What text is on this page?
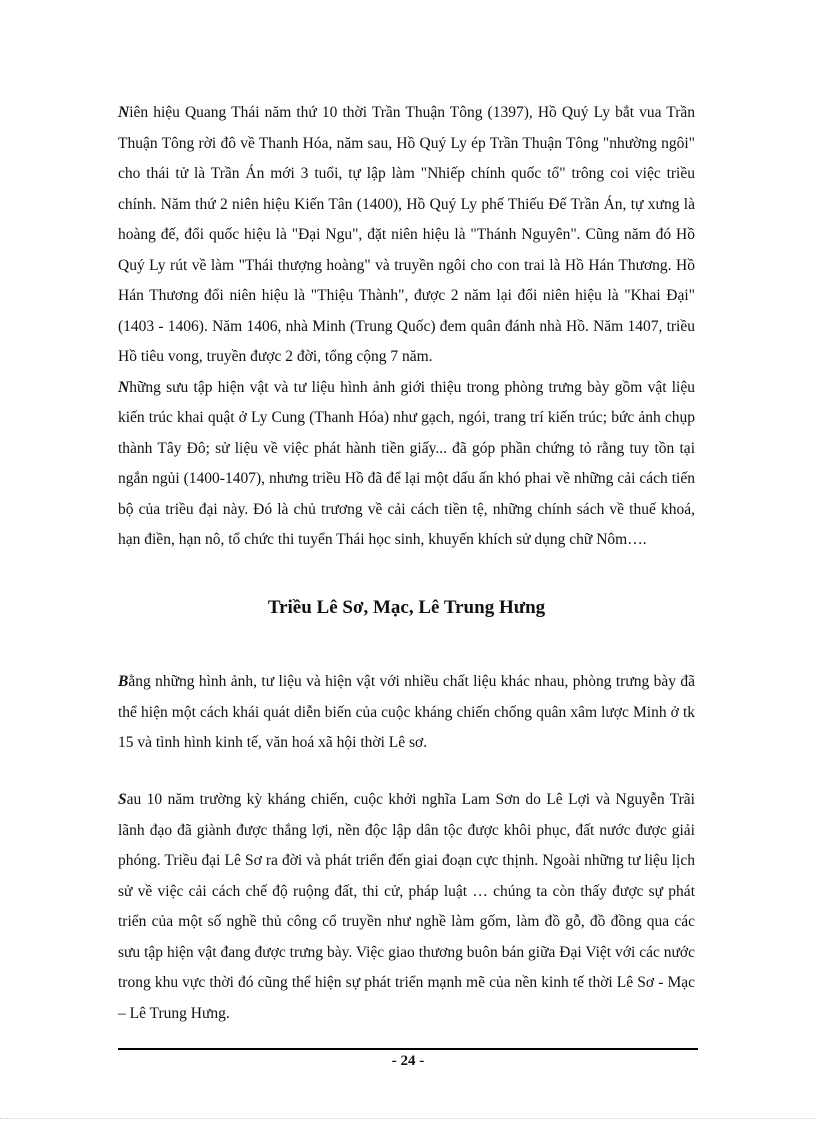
Niên hiệu Quang Thái năm thứ 10 thời Trần Thuận Tông (1397), Hồ Quý Ly bắt vua Trần Thuận Tông rời đô về Thanh Hóa, năm sau, Hồ Quý Ly ép Trần Thuận Tông "nhường ngôi" cho thái tử là Trần Án mới 3 tuổi, tự lập làm "Nhiếp chính quốc tổ" trông coi việc triều chính. Năm thứ 2 niên hiệu Kiến Tân (1400), Hồ Quý Ly phế Thiếu Đế Trần Án, tự xưng là hoàng đế, đổi quốc hiệu là "Đại Ngu", đặt niên hiệu là "Thánh Nguyên". Cũng năm đó Hồ Quý Ly rút về làm "Thái thượng hoàng" và truyền ngôi cho con trai là Hồ Hán Thương. Hồ Hán Thương đổi niên hiệu là "Thiệu Thành", được 2 năm lại đổi niên hiệu là "Khai Đại" (1403 - 1406). Năm 1406, nhà Minh (Trung Quốc) đem quân đánh nhà Hồ. Năm 1407, triều Hồ tiêu vong, truyền được 2 đời, tổng cộng 7 năm.

Những sưu tập hiện vật và tư liệu hình ảnh giới thiệu trong phòng trưng bày gồm vật liệu kiến trúc khai quật ở Ly Cung (Thanh Hóa) như gạch, ngói, trang trí kiến trúc; bức ảnh chụp thành Tây Đô; sử liệu về việc phát hành tiền giấy... đã góp phần chứng tỏ rằng tuy tồn tại ngắn ngủi (1400-1407), nhưng triều Hồ đã để lại một dấu ấn khó phai về những cải cách tiến bộ của triều đại này. Đó là chủ trương về cải cách tiền tệ, những chính sách về thuế khoá, hạn điền, hạn nô, tổ chức thi tuyển Thái học sinh, khuyến khích sử dụng chữ Nôm….

Triều Lê Sơ, Mạc, Lê Trung Hưng

Bằng những hình ảnh, tư liệu và hiện vật với nhiều chất liệu khác nhau, phòng trưng bày đã thể hiện một cách khái quát diễn biến của cuộc kháng chiến chống quân xâm lược Minh ở tk 15 và tình hình kinh tế, văn hoá xã hội thời Lê sơ.

Sau 10 năm trường kỳ kháng chiến, cuộc khởi nghĩa Lam Sơn do Lê Lợi và Nguyễn Trãi lãnh đạo đã giành được thắng lợi, nền độc lập dân tộc được khôi phục, đất nước được giải phóng. Triều đại Lê Sơ ra đời và phát triển đến giai đoạn cực thịnh. Ngoài những tư liệu lịch sử về việc cải cách chế độ ruộng đất, thi cử, pháp luật … chúng ta còn thấy được sự phát triển của một số nghề thủ công cổ truyền như nghề làm gốm, làm đồ gỗ, đồ đồng qua các sưu tập hiện vật đang được trưng bày. Việc giao thương buôn bán giữa Đại Việt với các nước trong khu vực thời đó cũng thể hiện sự phát triển mạnh mẽ của nền kinh tế thời Lê Sơ - Mạc – Lê Trung Hưng.

- 24 -
